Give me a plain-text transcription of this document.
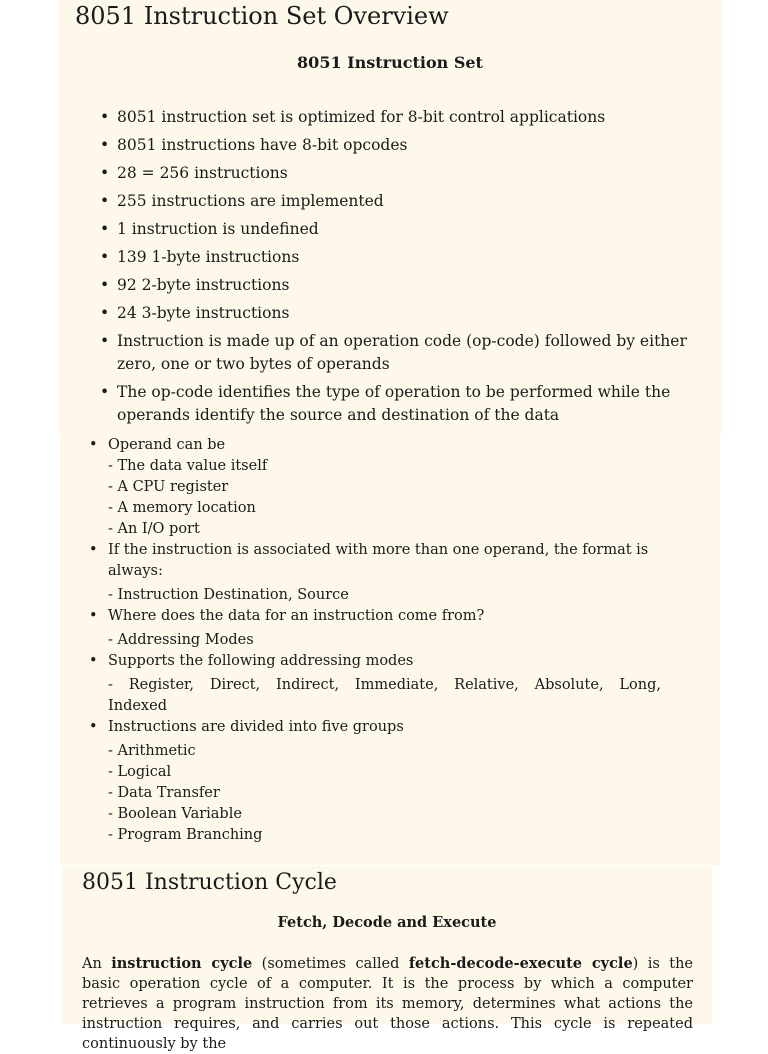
8051 Instruction Set Overview
8051 Instruction Set
• 8051 instruction set is optimized for 8-bit control applications
• 8051 instructions have 8-bit opcodes
• 28 = 256 instructions
• 255 instructions are implemented
• 1 instruction is undefined
• 139 1-byte instructions
• 92 2-byte instructions
• 24 3-byte instructions
• Instruction is made up of an operation code (op-code) followed by either zero, one or two bytes of operands
• The op-code identifies the type of operation to be performed while the operands identify the source and destination of the data
• Operand can be
- The data value itself
- A CPU register
- A memory location
- An I/O port
• If the instruction is associated with more than one operand, the format is always:
- Instruction Destination, Source
• Where does the data for an instruction come from?
- Addressing Modes
• Supports the following addressing modes
- Register, Direct, Indirect, Immediate, Relative, Absolute, Long,
Indexed
• Instructions are divided into five groups
- Arithmetic
- Logical
- Data Transfer
- Boolean Variable
- Program Branching
8051 Instruction Cycle
Fetch, Decode and Execute

An instruction cycle (sometimes called fetch-decode-execute cycle) is the basic operation cycle of a computer. It is the process by which a computer retrieves a program instruction from its memory, determines what actions the instruction requires, and carries out those actions. This cycle is repeated continuously by the
